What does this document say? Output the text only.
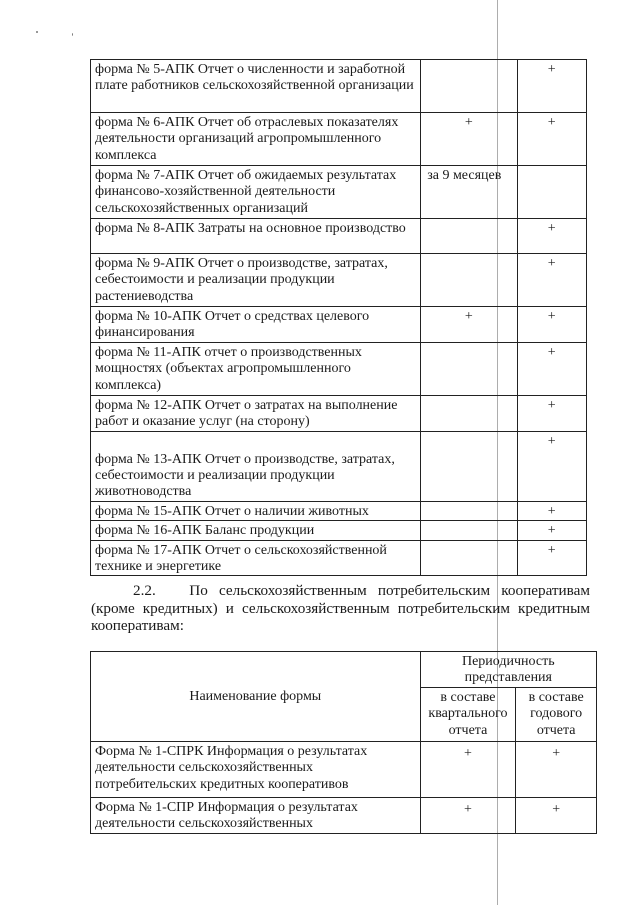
форма № 5-АПК Отчет о численности и заработной плате работников сельскохозяйственной организации		+
форма № 6-АПК Отчет об отраслевых показателях деятельности организаций агропромышленного комплекса	+	+
форма № 7-АПК Отчет об ожидаемых результатах финансово-хозяйственной деятельности сельскохозяйственных организаций	за 9 месяцев	
форма № 8-АПК Затраты на основное производство		+
форма № 9-АПК Отчет о производстве, затратах, себестоимости и реализации продукции растениеводства		+
форма № 10-АПК Отчет о средствах целевого финансирования	+	+
форма № 11-АПК отчет о производственных мощностях (объектах агропромышленного комплекса)		+
форма № 12-АПК Отчет о затратах на выполнение работ и оказание услуг (на сторону)		+
форма № 13-АПК Отчет о производстве, затратах, себестоимости и реализации продукции животноводства		+
форма № 15-АПК Отчет о наличии животных		+
форма № 16-АПК Баланс продукции		+
форма № 17-АПК Отчет о сельскохозяйственной технике и энергетике		+
2.2. По сельскохозяйственным потребительским кооперативам (кроме кредитных) и сельскохозяйственным потребительским кредитным кооперативам:
Наименование формы	Периодичность представления	
	в составе квартального отчета	в составе годового отчета
Форма № 1-СПРК Информация о результатах деятельности сельскохозяйственных потребительских кредитных кооперативов	+	+
Форма № 1-СПР Информация о результатах деятельности сельскохозяйственных	+	+
